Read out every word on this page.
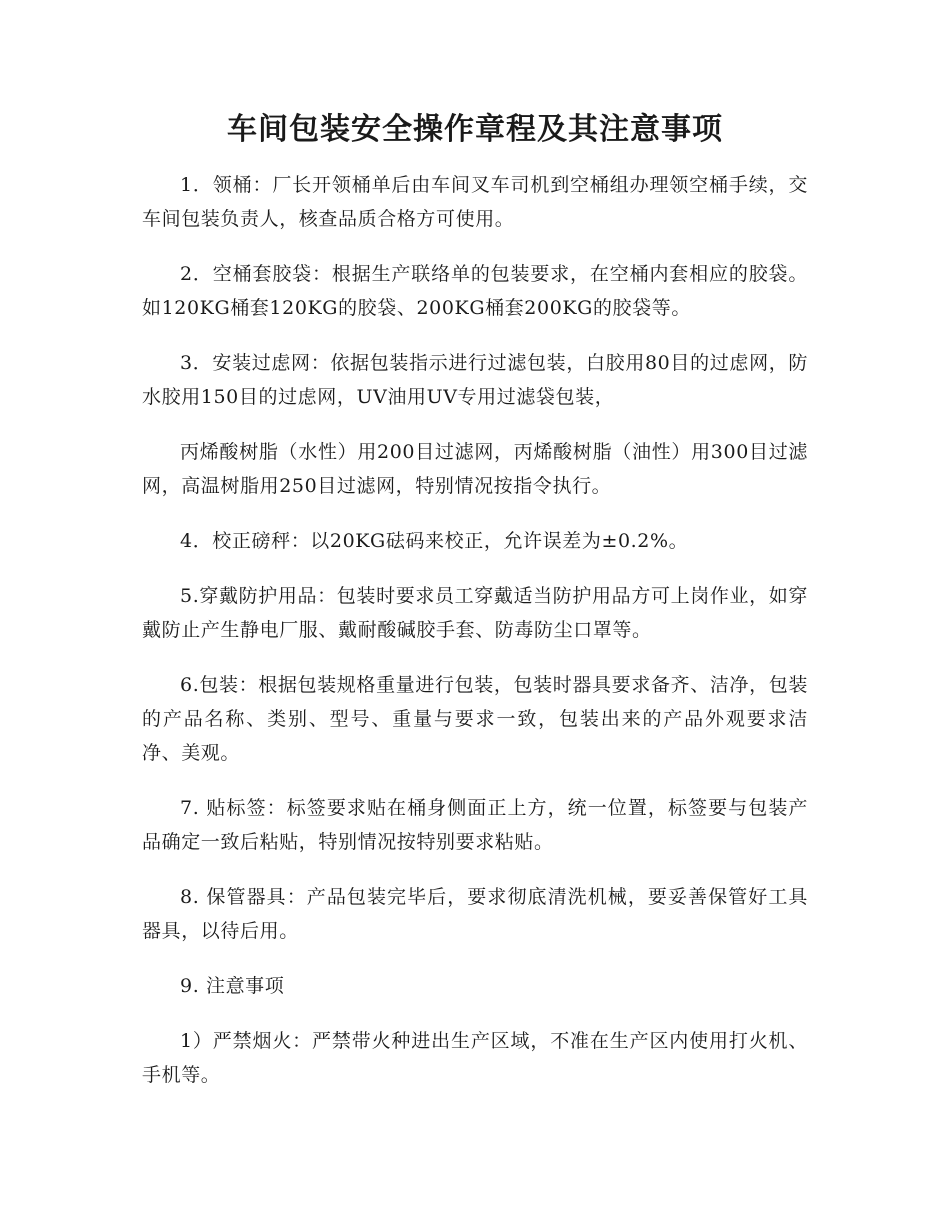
车间包装安全操作章程及其注意事项

1．领桶：厂长开领桶单后由车间叉车司机到空桶组办理领空桶手续，交车间包装负责人，核查品质合格方可使用。

2．空桶套胶袋：根据生产联络单的包装要求，在空桶内套相应的胶袋。如120KG桶套120KG的胶袋、200KG桶套200KG的胶袋等。

3．安装过虑网：依据包装指示进行过滤包装，白胶用80目的过虑网，防水胶用150目的过虑网，UV油用UV专用过滤袋包装，

丙烯酸树脂（水性）用200目过滤网，丙烯酸树脂（油性）用300目过滤网，高温树脂用250目过滤网，特别情况按指令执行。

4．校正磅秤：以20KG砝码来校正，允许误差为±0.2%。

5.穿戴防护用品：包装时要求员工穿戴适当防护用品方可上岗作业，如穿戴防止产生静电厂服、戴耐酸碱胶手套、防毒防尘口罩等。

6.包装：根据包装规格重量进行包装，包装时器具要求备齐、洁净，包装的产品名称、类别、型号、重量与要求一致，包装出来的产品外观要求洁净、美观。

7. 贴标签：标签要求贴在桶身侧面正上方，统一位置，标签要与包装产品确定一致后粘贴，特别情况按特别要求粘贴。

8. 保管器具：产品包装完毕后，要求彻底清洗机械，要妥善保管好工具器具，以待后用。

9. 注意事项

1）严禁烟火：严禁带火种进出生产区域，不准在生产区内使用打火机、手机等。
